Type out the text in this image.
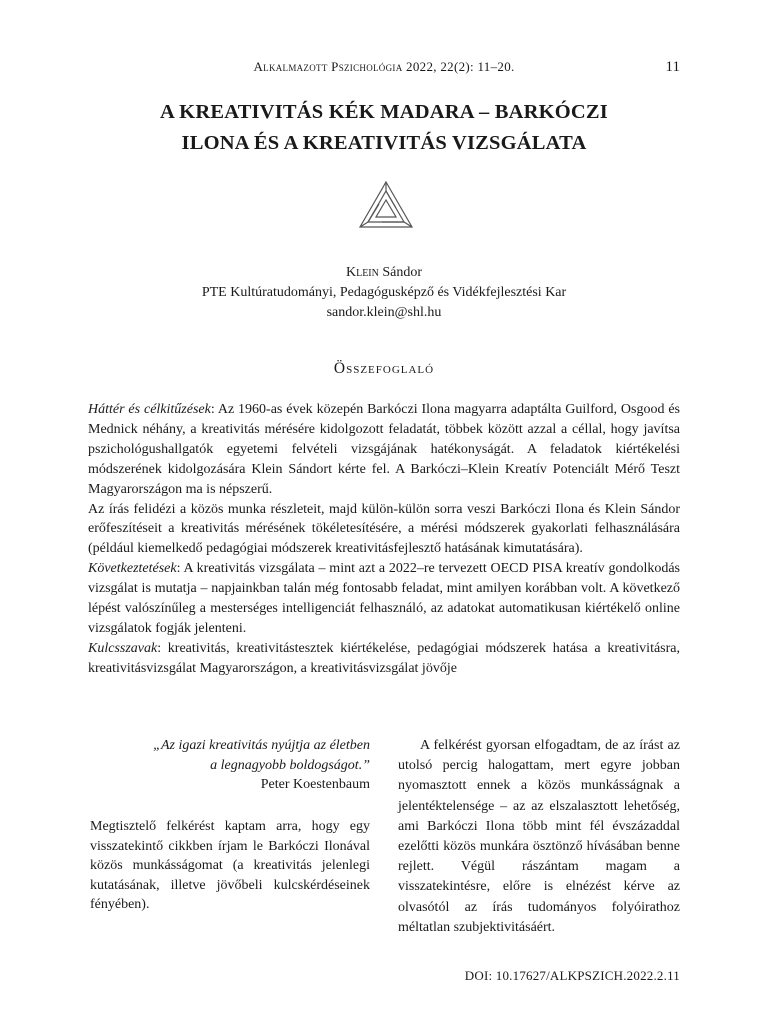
Alkalmazott Pszichológia 2022, 22(2): 11–20.	11
A KREATIVITÁS KÉK MADARA – BARKÓCZI
ILONA ÉS A KREATIVITÁS VIZSGÁLATA
Klein Sándor
PTE Kultúratudományi, Pedagógusképző és Vidékfejlesztési Kar
sandor.klein@shl.hu
Összefoglaló

Háttér és célkitűzések: Az 1960-as évek közepén Barkóczi Ilona magyarra adaptálta Guilford, Osgood és Mednick néhány, a kreativitás mérésére kidolgozott feladatát, többek között azzal a céllal, hogy javítsa pszichológushallgatók egyetemi felvételi vizsgájának hatékonyságát. A feladatok kiértékelési módszerének kidolgozására Klein Sándort kérte fel. A Barkóczi–Klein Kreatív Potenciált Mérő Teszt Magyarországon ma is népszerű.

Az írás felidézi a közös munka részleteit, majd külön-külön sorra veszi Barkóczi Ilona és Klein Sándor erőfeszítéseit a kreativitás mérésének tökéletesítésére, a mérési módszerek gyakorlati felhasználására (például kiemelkedő pedagógiai módszerek kreativitásfejlesztő hatásának kimutatására).

Következtetések: A kreativitás vizsgálata – mint azt a 2022–re tervezett OECD PISA kreatív gondolkodás vizsgálat is mutatja – napjainkban talán még fontosabb feladat, mint amilyen korábban volt. A következő lépést valószínűleg a mesterséges intelligenciát felhasználó, az adatokat automatikusan kiértékelő online vizsgálatok fogják jelenteni.

Kulcsszavak: kreativitás, kreativitástesztek kiértékelése, pedagógiai módszerek hatása a kreativitásra, kreativitásvizsgálat Magyarországon, a kreativitásvizsgálat jövője

„Az igazi kreativitás nyújtja az életben
a legnagyobb boldogságot.”
Peter Koestenbaum

Megtisztelő felkérést kaptam arra, hogy egy visszatekintő cikkben írjam le Barkóczi Ilonával közös munkásságomat (a kreativitás jelenlegi kutatásának, illetve jövőbeli kulcskérdéseinek fényében).

A felkérést gyorsan elfogadtam, de az írást az utolsó percig halogattam, mert egyre jobban nyomasztott ennek a közös munkásságnak a jelentéktelensége – az az elszalasztott lehetőség, ami Barkóczi Ilona több mint fél évszázaddal ezelőtti közös munkára ösztönző hívásában benne rejlett. Végül rászántam magam a visszatekintésre, előre is elnézést kérve az olvasótól az írás tudományos folyóirathoz méltatlan szubjektivitásáért.

DOI: 10.17627/ALKPSZICH.2022.2.11
